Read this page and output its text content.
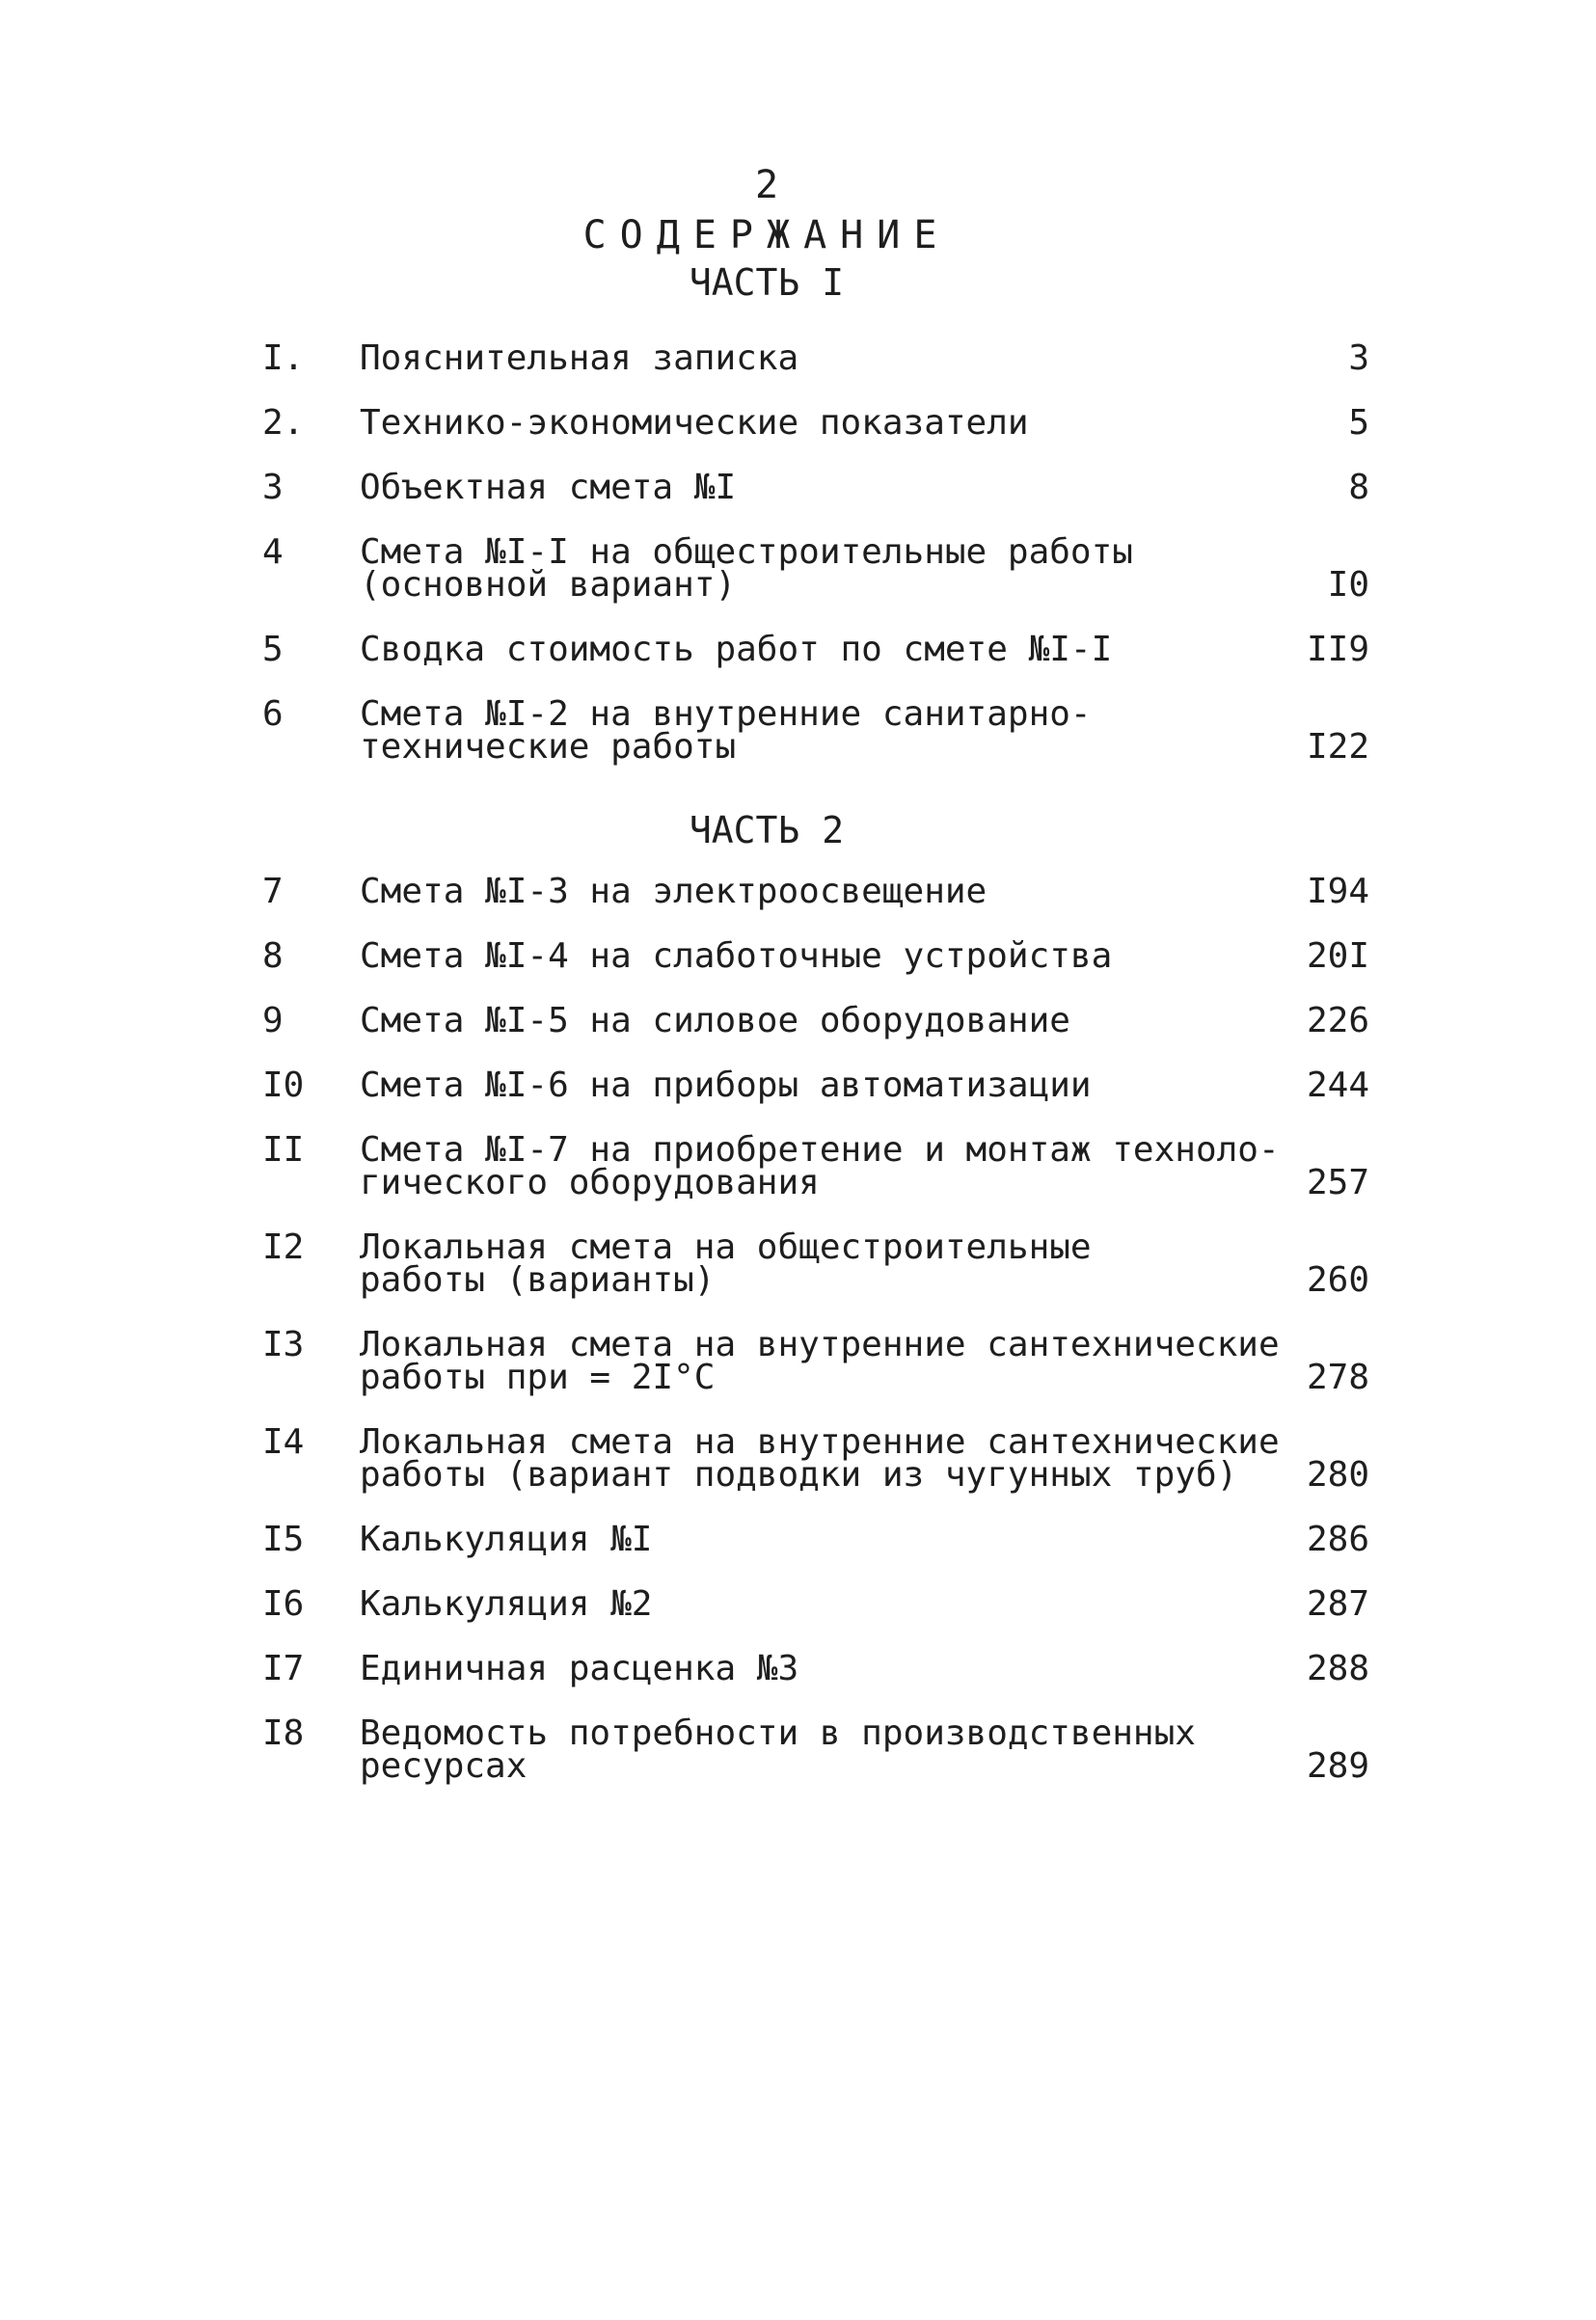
2
СОДЕРЖАНИЕ
ЧАСТЬ I
I. Пояснительная записка	3
2. Технико-экономические показатели	5
3 Объектная смета №I	8
4 Смета №I-I на общестроительные работы
(основной вариант)	I0
5 Сводка стоимость работ по смете №I-I	II9
6 Смета №I-2 на внутренние санитарно-
технические работы	I22
ЧАСТЬ 2
7 Смета №I-3 на электроосвещение	I94
8 Смета №I-4 на слаботочные устройства	20I
9 Смета №I-5 на силовое оборудование	226
I0 Смета №I-6 на приборы автоматизации	244
II Смета №I-7 на приобретение и монтаж техноло-
гического оборудования	257
I2 Локальная смета на общестроительные
работы (варианты)	260
I3 Локальная смета на внутренние сантехнические
работы при = 2I°С	278
I4 Локальная смета на внутренние сантехнические
работы (вариант подводки из чугунных труб)	280
I5 Калькуляция №I	286
I6 Калькуляция №2	287
I7 Единичная расценка №3	288
I8 Ведомость потребности в производственных
ресурсах	289
